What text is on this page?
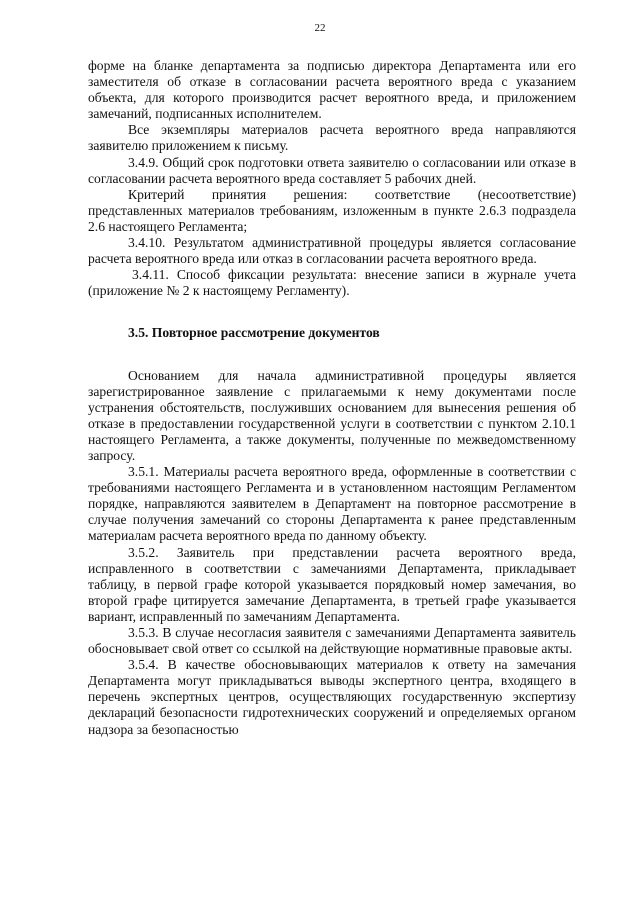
22

форме на бланке департамента за подписью директора Департамента или его заместителя об отказе в согласовании расчета вероятного вреда с указанием объекта, для которого производится расчет вероятного вреда, и приложением замечаний, подписанных исполнителем.

Все экземпляры материалов расчета вероятного вреда направляются заявителю приложением к письму.

3.4.9. Общий срок подготовки ответа заявителю о согласовании или отказе в согласовании расчета вероятного вреда составляет 5 рабочих дней.

Критерий принятия решения: соответствие (несоответствие) представленных материалов требованиям, изложенным в пункте 2.6.3 подраздела 2.6 настоящего Регламента;

3.4.10. Результатом административной процедуры является согласование расчета вероятного вреда или отказ в согласовании расчета вероятного вреда.

3.4.11. Способ фиксации результата: внесение записи в журнале учета (приложение № 2 к настоящему Регламенту).

3.5. Повторное рассмотрение документов

Основанием для начала административной процедуры является зарегистрированное заявление с прилагаемыми к нему документами после устранения обстоятельств, послуживших основанием для вынесения решения об отказе в предоставлении государственной услуги в соответствии с пунктом 2.10.1 настоящего Регламента, а также документы, полученные по межведомственному запросу.

3.5.1. Материалы расчета вероятного вреда, оформленные в соответствии с требованиями настоящего Регламента и в установленном настоящим Регламентом порядке, направляются заявителем в Департамент на повторное рассмотрение в случае получения замечаний со стороны Департамента к ранее представленным материалам расчета вероятного вреда по данному объекту.

3.5.2. Заявитель при представлении расчета вероятного вреда, исправленного в соответствии с замечаниями Департамента, прикладывает таблицу, в первой графе которой указывается порядковый номер замечания, во второй графе цитируется замечание Департамента, в третьей графе указывается вариант, исправленный по замечаниям Департамента.

3.5.3. В случае несогласия заявителя с замечаниями Департамента заявитель обосновывает свой ответ со ссылкой на действующие нормативные правовые акты.

3.5.4. В качестве обосновывающих материалов к ответу на замечания Департамента могут прикладываться выводы экспертного центра, входящего в перечень экспертных центров, осуществляющих государственную экспертизу деклараций безопасности гидротехнических сооружений и определяемых органом надзора за безопасностью
